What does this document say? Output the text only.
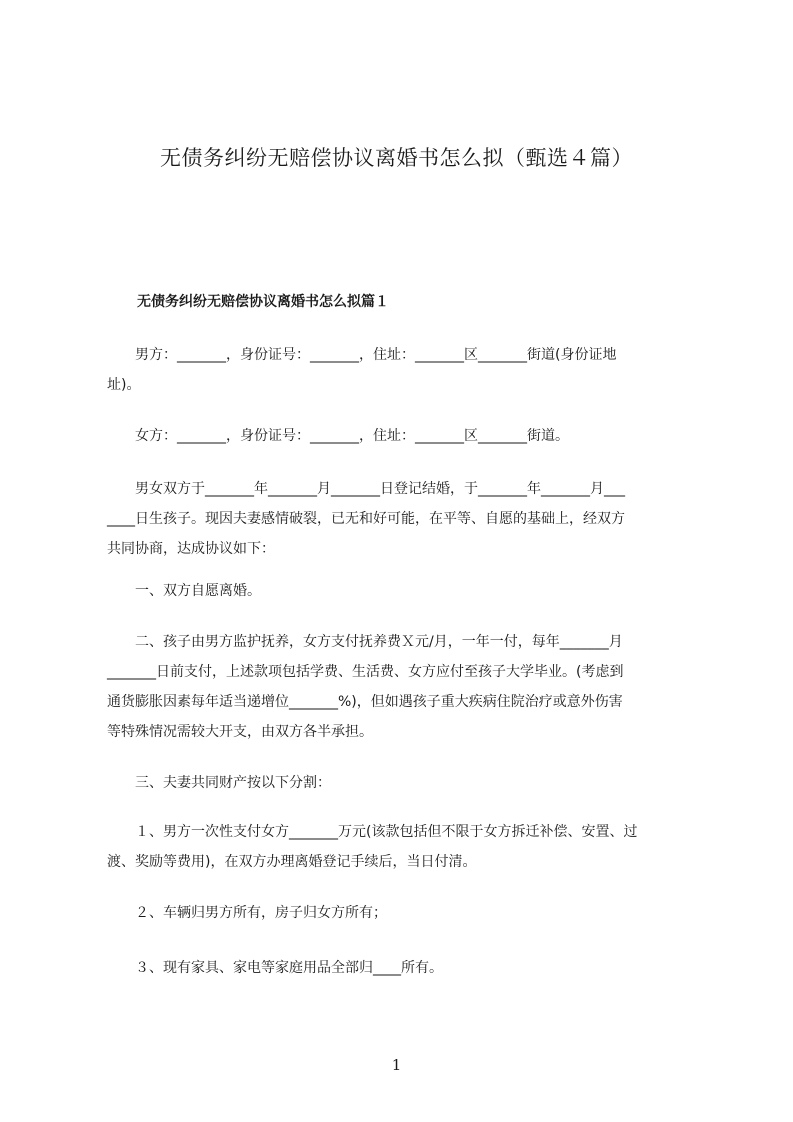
无债务纠纷无赔偿协议离婚书怎么拟（甄选４篇）
无债务纠纷无赔偿协议离婚书怎么拟篇１
　　男方：_______，身份证号：_______，住址：_______区_______街道(身份证地
址)。
　　女方：_______，身份证号：_______，住址：_______区_______街道。
　　男女双方于_______年_______月_______日登记结婚，于_______年_______月___
____日生孩子。现因夫妻感情破裂，已无和好可能，在平等、自愿的基础上，经双方
共同协商，达成协议如下：
　　一、双方自愿离婚。
　　二、孩子由男方监护抚养，女方支付抚养费Ｘ元/月，一年一付，每年_______月
_______日前支付，上述款项包括学费、生活费、女方应付至孩子大学毕业。(考虑到
通货膨胀因素每年适当递增位_______%)，但如遇孩子重大疾病住院治疗或意外伤害
等特殊情况需较大开支，由双方各半承担。
　　三、夫妻共同财产按以下分割：
　　１、男方一次性支付女方_______万元(该款包括但不限于女方拆迁补偿、安置、过
渡、奖励等费用)，在双方办理离婚登记手续后，当日付清。
　　２、车辆归男方所有，房子归女方所有；
　　３、现有家具、家电等家庭用品全部归____所有。
1
